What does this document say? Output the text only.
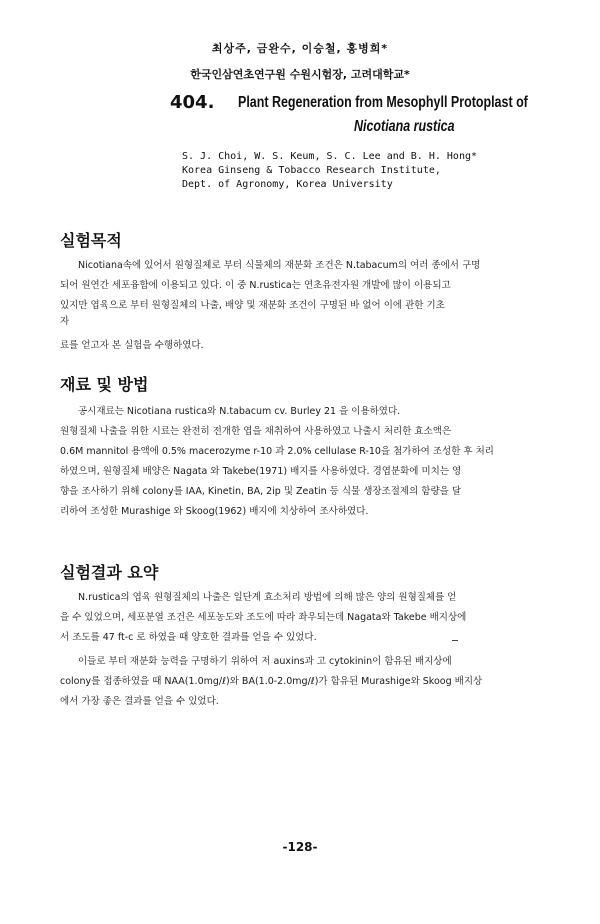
최상주, 금완수, 이승철, 홍병희*
한국인삼연초연구원 수원시험장, 고려대학교*
404. Plant Regeneration from Mesophyll Protoplast of
Nicotiana rustica
S. J. Choi, W. S. Keum, S. C. Lee and B. H. Hong*
Korea Ginseng & Tobacco Research Institute,
Dept. of Agronomy, Korea University
실험목적

Nicotiana속에 있어서 원형질체로 부터 식물체의 재분화 조건은 N.tabacum의 여러 종에서 구명

되어 원연간 세포융합에 이용되고 있다. 이 중 N.rustica는 연초유전자원 개발에 많이 이용되고

있지만 엽육으로 부터 원형질체의 나출, 배양 및 재분화 조건이 구명된 바 없어 이에 관한 기초

자

료를 얻고자 본 실험을 수행하였다.

재료 및 방법

공시재료는 Nicotiana rustica와 N.tabacum cv. Burley 21 을 이용하였다.

원형질체 나출을 위한 시료는 완전히 전개한 엽을 채취하여 사용하였고 나출시 처리한 효소액은

0.6M mannitol 용액에 0.5% macerozyme r-10 과 2.0% cellulase R-10을 첨가하여 조성한 후 처리

하였으며, 원형질체 배양은 Nagata 와 Takebe(1971) 배지를 사용하였다. 경엽분화에 미치는 영

향을 조사하기 위해 colony를 IAA, Kinetin, BA, 2ip 및 Zeatin 등 식물 생장조절제의 함량을 달

리하여 조성한 Murashige 와 Skoog(1962) 배지에 치상하여 조사하였다.

실험결과 요약

N.rustica의 엽육 원형질체의 나출은 일단계 효소처리 방법에 의해 많은 양의 원형질체를 얻

을 수 있었으며, 세포분열 조건은 세포농도와 조도에 따라 좌우되는데 Nagata와 Takebe 배지상에

서 조도를 47 ft-c 로 하였을 때 양호한 결과를 얻을 수 있었다.

이들로 부터 재분화 능력을 구명하기 위하여 저 auxins과 고 cytokinin이 함유된 배지상에

colony를 접종하였을 때 NAA(1.0mg/ℓ)와 BA(1.0-2.0mg/ℓ)가 함유된 Murashige와 Skoog 배지상

에서 가장 좋은 결과를 얻을 수 있었다.

-128-
